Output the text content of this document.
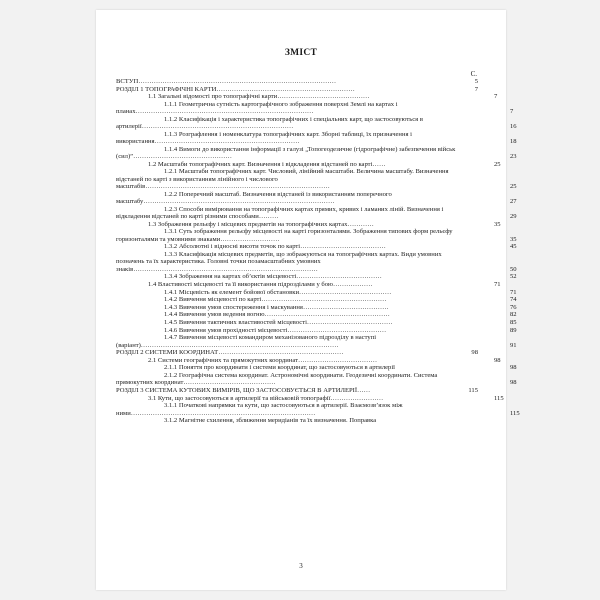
ЗМІСТ
С.
ВСТУП………………………………………………………………………………	5
РОЗДІЛ 1 ТОПОГРАФІЧНІ КАРТИ………………………………………………………	7
1.1 Загальні відомості про топографічні карти……………………………………	7
1.1.1 Геометрична сутність картографічного зображення поверхні Землі на картах і планах………………………………………………………………………	7
1.1.2 Класифікація і характеристика топографічних і спеціальних карт, що застосовуються в артилерії……………………………………………………………	16
1.1.3 Розграфлення і номенклатура топографічних карт. Зборні таблиці, їх призначення і використання…………………………………………………………	18
1.1.4 Вимоги до використання інформації з галузі „Топогеодезичне (гідрографічне) забезпечення військ (сил)”………………………………………	23
1.2 Масштаби топографічних карт. Визначення і відкладення відстаней по карті……	25
1.2.1 Масштаби топографічних карт. Числовий, лінійний масштаби. Величина масштабу. Визначення відстаней по карті з використанням лінійного і числового масштабів…………………………………………………………………………	25
1.2.2 Поперечний масштаб. Визначення відстаней із використанням поперечного масштабу……………………………………………………………………………	27
1.2.3 Способи вимірювання на топографічних картах прямих, кривих і ламаних ліній. Визначення і відкладення відстаней по карті різними способами………	29
1.3 Зображення рельєфу і місцевих предметів на топографічних картах…………	35
1.3.1 Суть зображення рельєфу місцевості на карті горизонталями. Зображення типових форм рельєфу горизонталями та умовними знаками………………………	35
1.3.2 Абсолютні і відносні висоти точок по карті…………………………………	45
1.3.3 Класифікація місцевих предметів, що зображуються на топографічних картах. Види умовних позначень та їх характеристика. Головні точки позамасштабних умовних знаків…………………………………………………………………………	50
1.3.4 Зображення на картах об’єктів місцевості…………………………………	52
1.4 Властивості місцевості та її використання підрозділами у бою………………	71
1.4.1 Місцевість як елемент бойової обстановки……………………………………	71
1.4.2 Вивчення місцевості по карті…………………………………………………	74
1.4.3 Вивчення умов спостереження і маскування…………………………………	76
1.4.4 Вивчення умов ведення вогню…………………………………………………	82
1.4.5 Вивчення тактичних властивостей місцевості…………………………………	85
1.4.6 Вивчення умов прохідності місцевості………………………………………	89
1.4.7 Вивчення місцевості командиром механізованого підрозділу в наступі (варіант)………………………………………………………………………………	91
РОЗДІЛ 2 СИСТЕМИ КООРДИНАТ…………………………………………………	98
2.1 Системи географічних та прямокутних координат………………………………	98
2.1.1 Поняття про координати і системи координат, що застосовуються в артилерії	98
2.1.2 Географічна система координат. Астрономічні координати. Геодезичні координати. Система прямокутних координат……………………………………	98
РОЗДІЛ 3 СИСТЕМА КУТОВИХ ВИМІРІВ, ЩО ЗАСТОСОВУЄТЬСЯ В АРТИЛЕРІЇ……	115
3.1 Кути, що застосовуються в артилерії та військовій топографії……………………	115
3.1.1 Початкові напрямки та кути, що застосовуються в артилерії. Взаємозв’язок між ними…………………………………………………………………………	115
3.1.2 Магнітне схилення, зближення меридіанів та їх визначення. Поправка
3
